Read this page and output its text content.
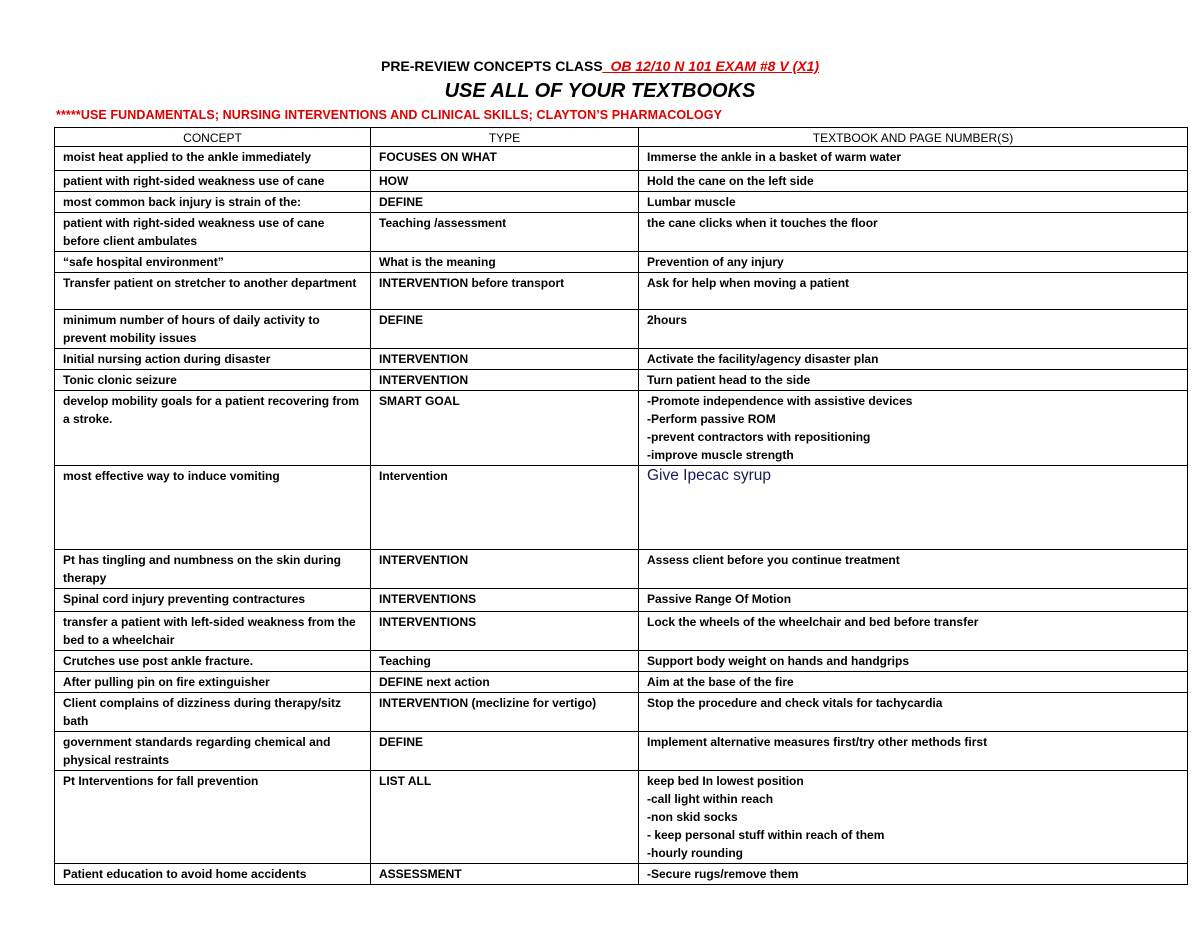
PRE-REVIEW CONCEPTS CLASS_OB 12/10 N 101 EXAM #8 V (X1)
USE ALL OF YOUR TEXTBOOKS
*****USE FUNDAMENTALS; NURSING INTERVENTIONS AND CLINICAL SKILLS; CLAYTON’S PHARMACOLOGY
CONCEPT	TYPE	TEXTBOOK AND PAGE NUMBER(S)
moist heat applied to the ankle immediately	FOCUSES ON WHAT	Immerse the ankle in a basket of warm water

patient with right-sided weakness use of cane	HOW	Hold the cane on the left side

most common back injury is strain of the:	DEFINE	Lumbar muscle

patient with right-sided weakness use of cane before client ambulates	Teaching /assessment	the cane clicks when it touches the floor

“safe hospital environment”	What is the meaning	Prevention of any injury

Transfer patient on stretcher to another department	INTERVENTION before transport	Ask for help when moving a patient

minimum number of hours of daily activity to prevent mobility issues	DEFINE	2hours

Initial nursing action during disaster	INTERVENTION	Activate the facility/agency disaster plan

Tonic clonic seizure	INTERVENTION	Turn patient head to the side

develop mobility goals for a patient recovering from a stroke.	SMART GOAL	-Promote independence with assistive devices
-Perform passive ROM
-prevent contractors with repositioning
-improve muscle strength

most effective way to induce vomiting	Intervention	Give Ipecac syrup

Pt has tingling and numbness on the skin during therapy	INTERVENTION	Assess client before you continue treatment

Spinal cord injury preventing contractures	INTERVENTIONS	Passive Range Of Motion

transfer a patient with left-sided weakness from the bed to a wheelchair	INTERVENTIONS	Lock the wheels of the wheelchair and bed before transfer

Crutches use post ankle fracture.	Teaching	Support body weight on hands and handgrips

After pulling pin on fire extinguisher	DEFINE next action	Aim at the base of the fire

Client complains of dizziness during therapy/sitz bath	INTERVENTION (meclizine for vertigo)	Stop the procedure and check vitals for tachycardia

government standards regarding chemical and physical restraints	DEFINE	Implement alternative measures first/try other methods first

Pt Interventions for fall prevention	LIST ALL	keep bed In lowest position
-call light within reach
-non skid socks
- keep personal stuff within reach of them
-hourly rounding

Patient education to avoid home accidents	ASSESSMENT	-Secure rugs/remove them
